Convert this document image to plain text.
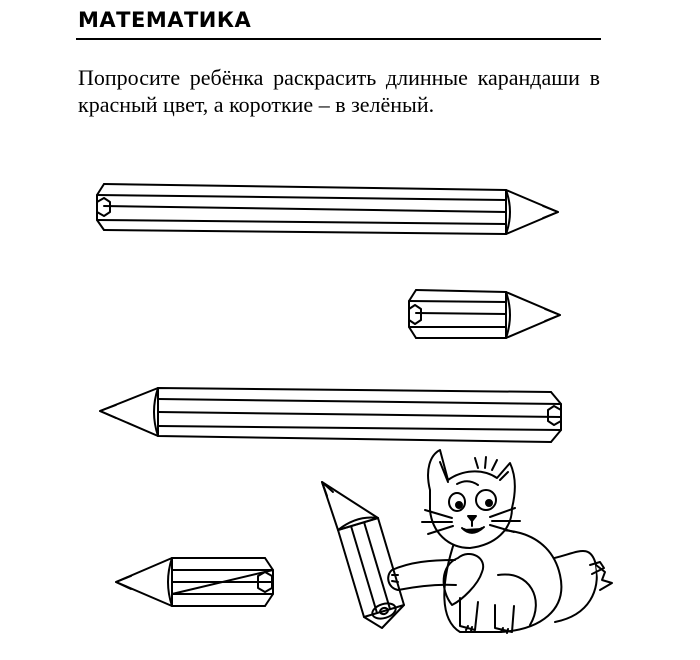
МАТЕМАТИКА

Попросите ребёнка раскрасить длинные карандаши в красный цвет, а короткие – в зелёный.
